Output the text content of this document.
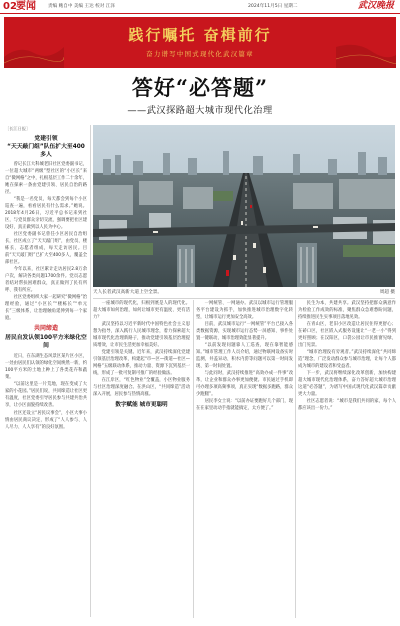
02 要闻	责编 鲍自中 美编 王达 校对 江泽	2024年11月5日 星期二	武汉晚报
践行嘱托 奋楫前行
奋力谱写中国式现代化武汉篇章
答好“必答题”
——武汉探路超大城市现代化治理

［长江日报］

党建引领
“天天敲门组”队伍扩大至400多人

曾记长江大科城老旧社区党委副书记，一位超大城市“两级”型社区的“小区长”来自“微网格”之中，扎根基层工作二十余年，她在探索一条由党建引领、居民自治的路径。

“我是一名党员，每天都会到每个小区巡查一遍，看看居民有什么需求。”她说。2018年4月26日，习近平总书记来到社区，与党员群众亲切交流，强调要把社区建设好，真正做到以人民为中心。

社区党委副书记曾任小区居民自治组长，社区成立了“天天敲门组”，由党员、楼栋长、志愿者组成，每天走访居民。目前“天天敲门组”已扩大至400多人，覆盖全部社区。

今年以来，社区累计走访居民2.8万余户次，解决各类问题1700余件。党员志愿者结对帮扶困难群众，真正做到了民有所呼、我有所应。

社区党委组织大家一起研究“微网格”治理经验，通过“小区长”“楼栋长”“单元长”三级体系，让治理触角延伸到每一个家庭。

共同缔造

居民自发认领100平方米绿化空间

近日，在东湖生态风景区某片区小区，一处由居民们认领的绿化空间焕然一新，约100平方米的土地上种上了各类花卉和蔬菜。

“以前这里是一片荒地，现在变成了大家的小花园。”居民们说，共同缔造让社区更有温度，社区党委引导居民参与共建共治共享，让小区面貌持续改善。

社区还设立“居民议事会”，小区大事小情由居民商议决定，形成了“人人参与、人人尽力、人人享有”的良好氛围。

天人长者武汉高新大道上空全景。	周超 摄

一座城市的现代化，归根到底是人的现代化。超大城市如何治理，如何让城市更有温度、更有活力？

武汉坚持以习近平新时代中国特色社会主义思想为指导，深入践行人民城市理念，着力探索超大城市现代化治理新路子，推动党建引领基层治理提质增效，让市民生活更加幸福美好。

党建引领是关键。近年来，武汉持续深化党建引领基层治理改革，构建起“市—区—街道—社区—网格”五级联动体系，推动力量、资源下沉到基层一线，形成了一批可复制可推广的经验做法。

在江岸区，“红色物业”全覆盖，小区物业服务与社区治理深度融合。在洪山区，“共同缔造”活动深入开展，居民参与热情高涨。

数字赋能 城市更聪明

一网统管、一网通办。武汉以城市运行管理服务平台建设为抓手，加快推进城市治理数字化转型，让城市运行更加安全高效。

目前，武汉城市运行“一网统管”平台已接入各类数据资源，实现城市运行态势一屏感知、事件处置一键联动，城市治理效能显著提升。

“以前发现问题靠人工巡查，现在靠智能感知。”城市管理工作人员介绍，通过物联网设备实时监测，井盖异动、积水内涝等问题可以第一时间发现、第一时间处置。

与此同时，武汉持续推进“高效办成一件事”改革，让企业和群众办事更加便捷。市民通过手机即可办理多项高频事项，真正实现“数据多跑路，群众少跑腿”。

居民李女士说：“以前办证要跑好几个部门，现在在家里动动手指就能搞定，太方便了。”

民生为本，共建共享。武汉坚持把群众满意作为检验工作成效的标准，聚焦群众急难愁盼问题，持续推进民生实事项目落地见效。

在青山区，老旧小区改造让居民住得更舒心；在硚口区，社区嵌入式服务设施让“一老一小”得到更好照顾；在汉阳区，口袋公园让市民推窗见绿、出门见景。

“城市治理没有旁观者。”武汉持续深化“共同缔造”理念，广泛发动群众参与城市治理，让每个人都成为城市的建设者和受益者。

下一步，武汉将继续深化改革创新，加快构建超大城市现代化治理体系，奋力答好超大城市治理这道“必答题”，为谱写中国式现代化武汉篇章贡献更大力量。

社区志愿者说：“城市是我们共同的家，每个人都应该出一份力。”
